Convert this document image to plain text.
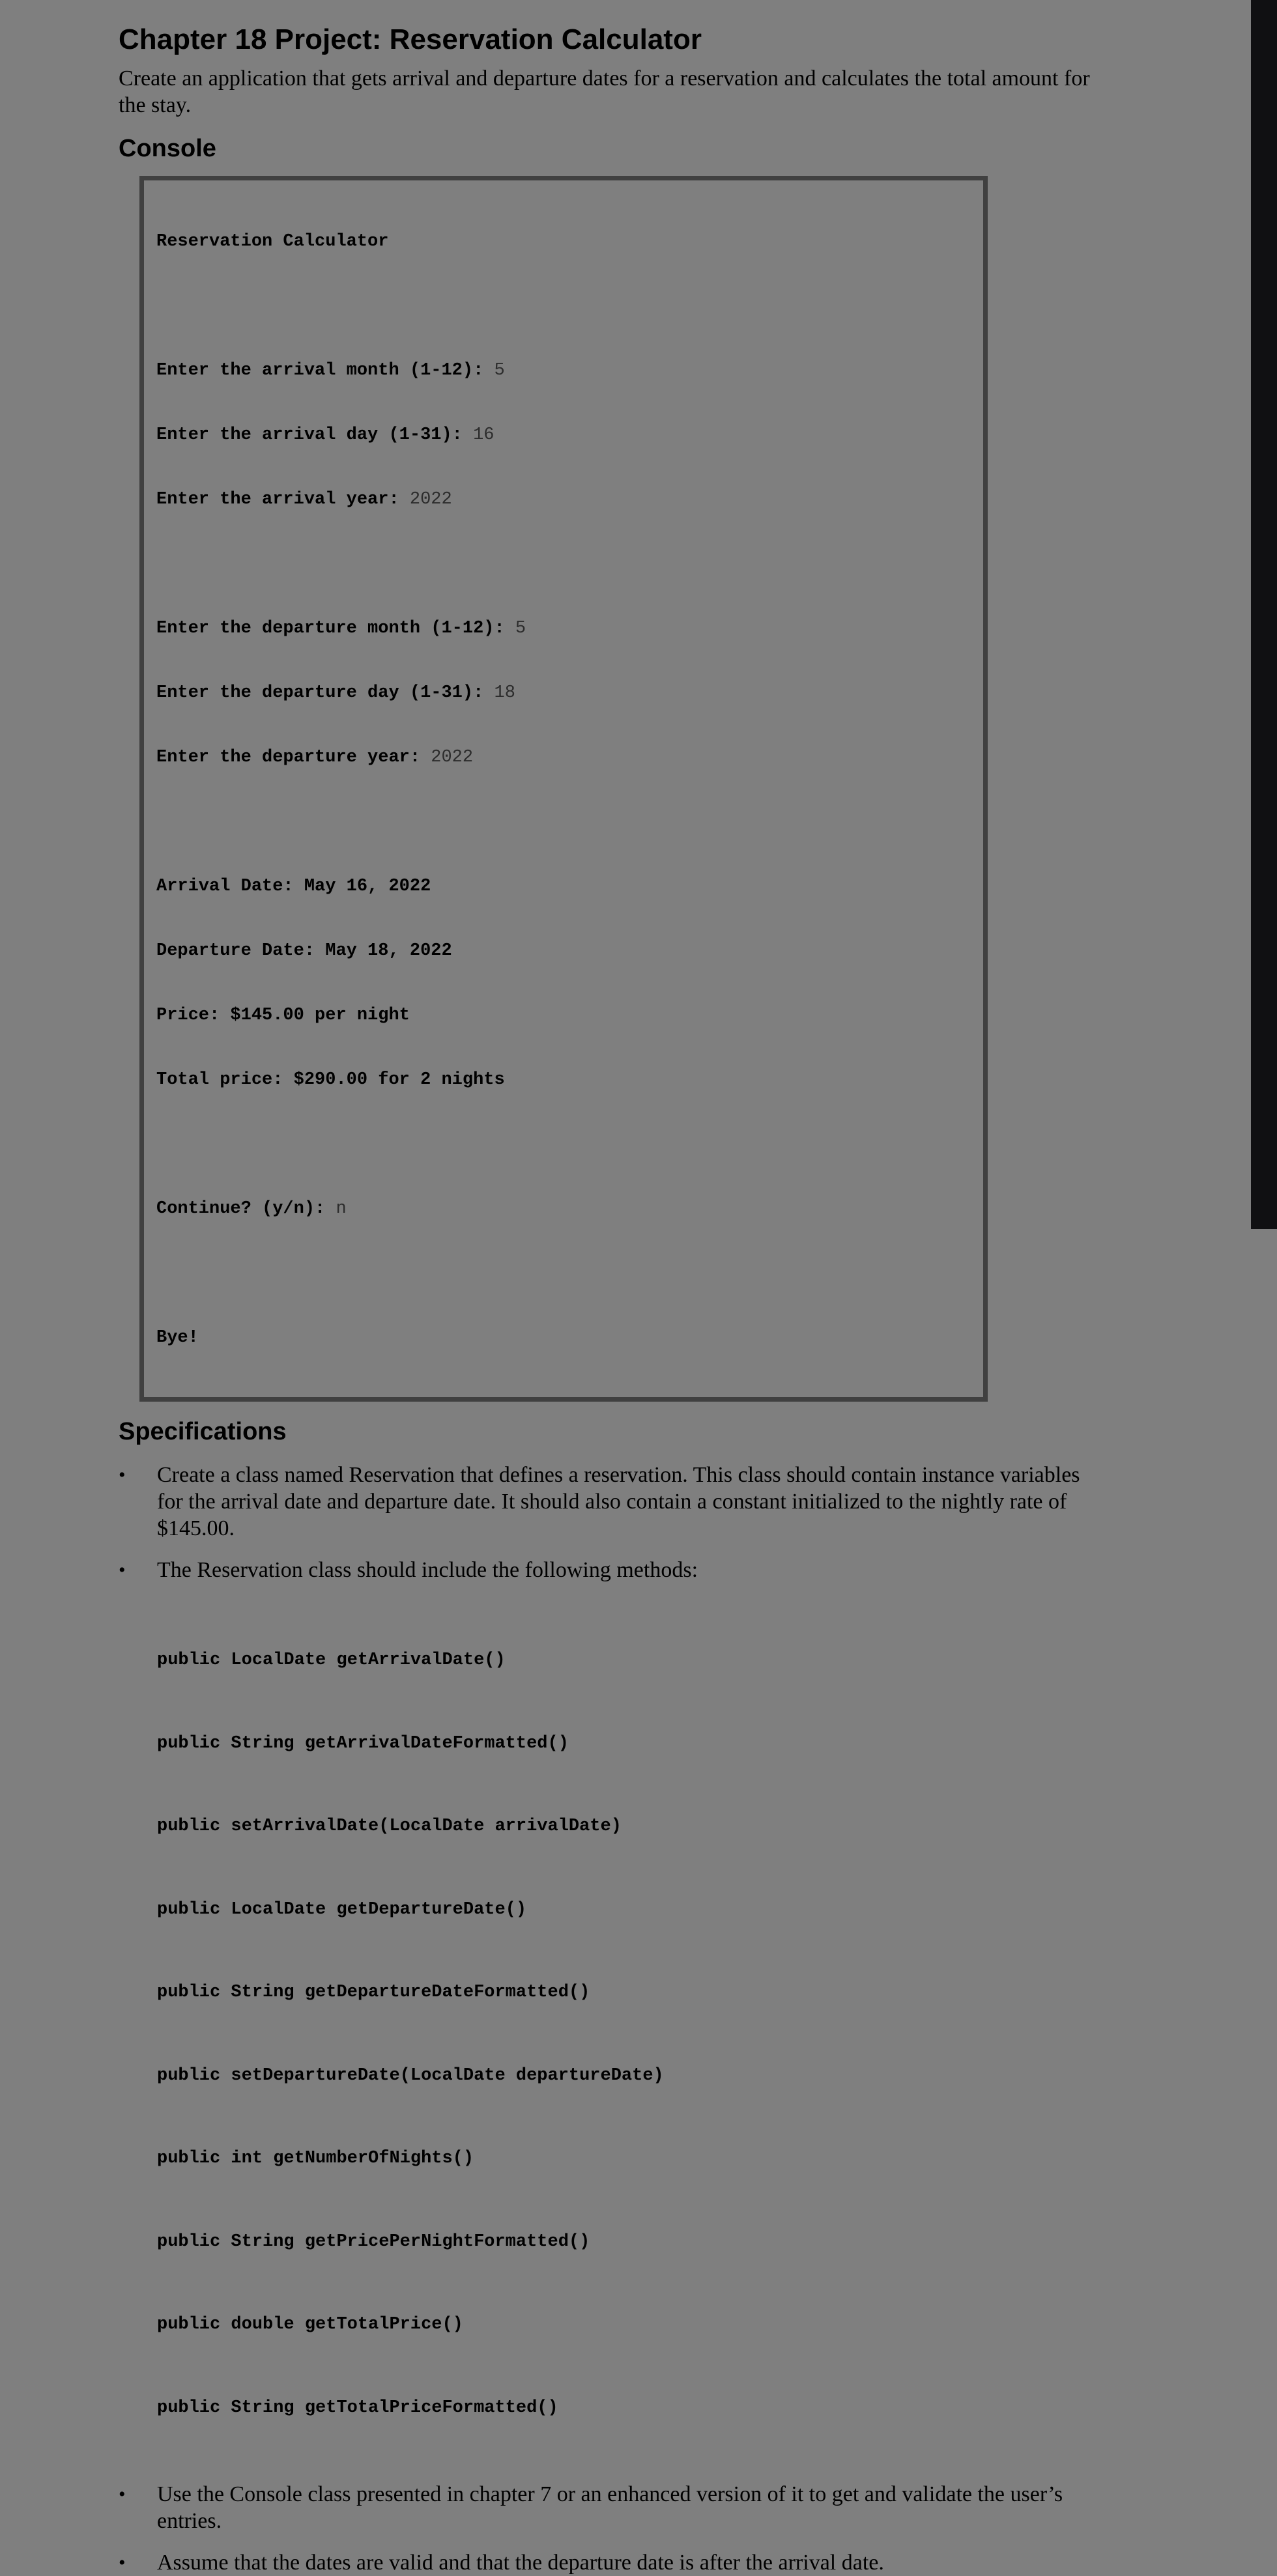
Chapter 18 Project: Reservation Calculator

Create an application that gets arrival and departure dates for a reservation and calculates the total amount for the stay.

Console

Reservation Calculator

Enter the arrival month (1-12): 5

Enter the arrival day (1-31): 16

Enter the arrival year: 2022

Enter the departure month (1-12): 5

Enter the departure day (1-31): 18

Enter the departure year: 2022

Arrival Date: May 16, 2022

Departure Date: May 18, 2022

Price: $145.00 per night

Total price: $290.00 for 2 nights

Continue? (y/n): n

Bye!

Specifications
• Create a class named Reservation that defines a reservation. This class should contain instance variables for the arrival date and departure date. It should also contain a constant initialized to the nightly rate of $145.00.
• The Reservation class should include the following methods:

public LocalDate getArrivalDate()

public String getArrivalDateFormatted()

public setArrivalDate(LocalDate arrivalDate)

public LocalDate getDepartureDate()

public String getDepartureDateFormatted()

public setDepartureDate(LocalDate departureDate)

public int getNumberOfNights()

public String getPricePerNightFormatted()

public double getTotalPrice()

public String getTotalPriceFormatted()

• Use the Console class presented in chapter 7 or an enhanced version of it to get and validate the user’s entries.
• Assume that the dates are valid and that the departure date is after the arrival date.
